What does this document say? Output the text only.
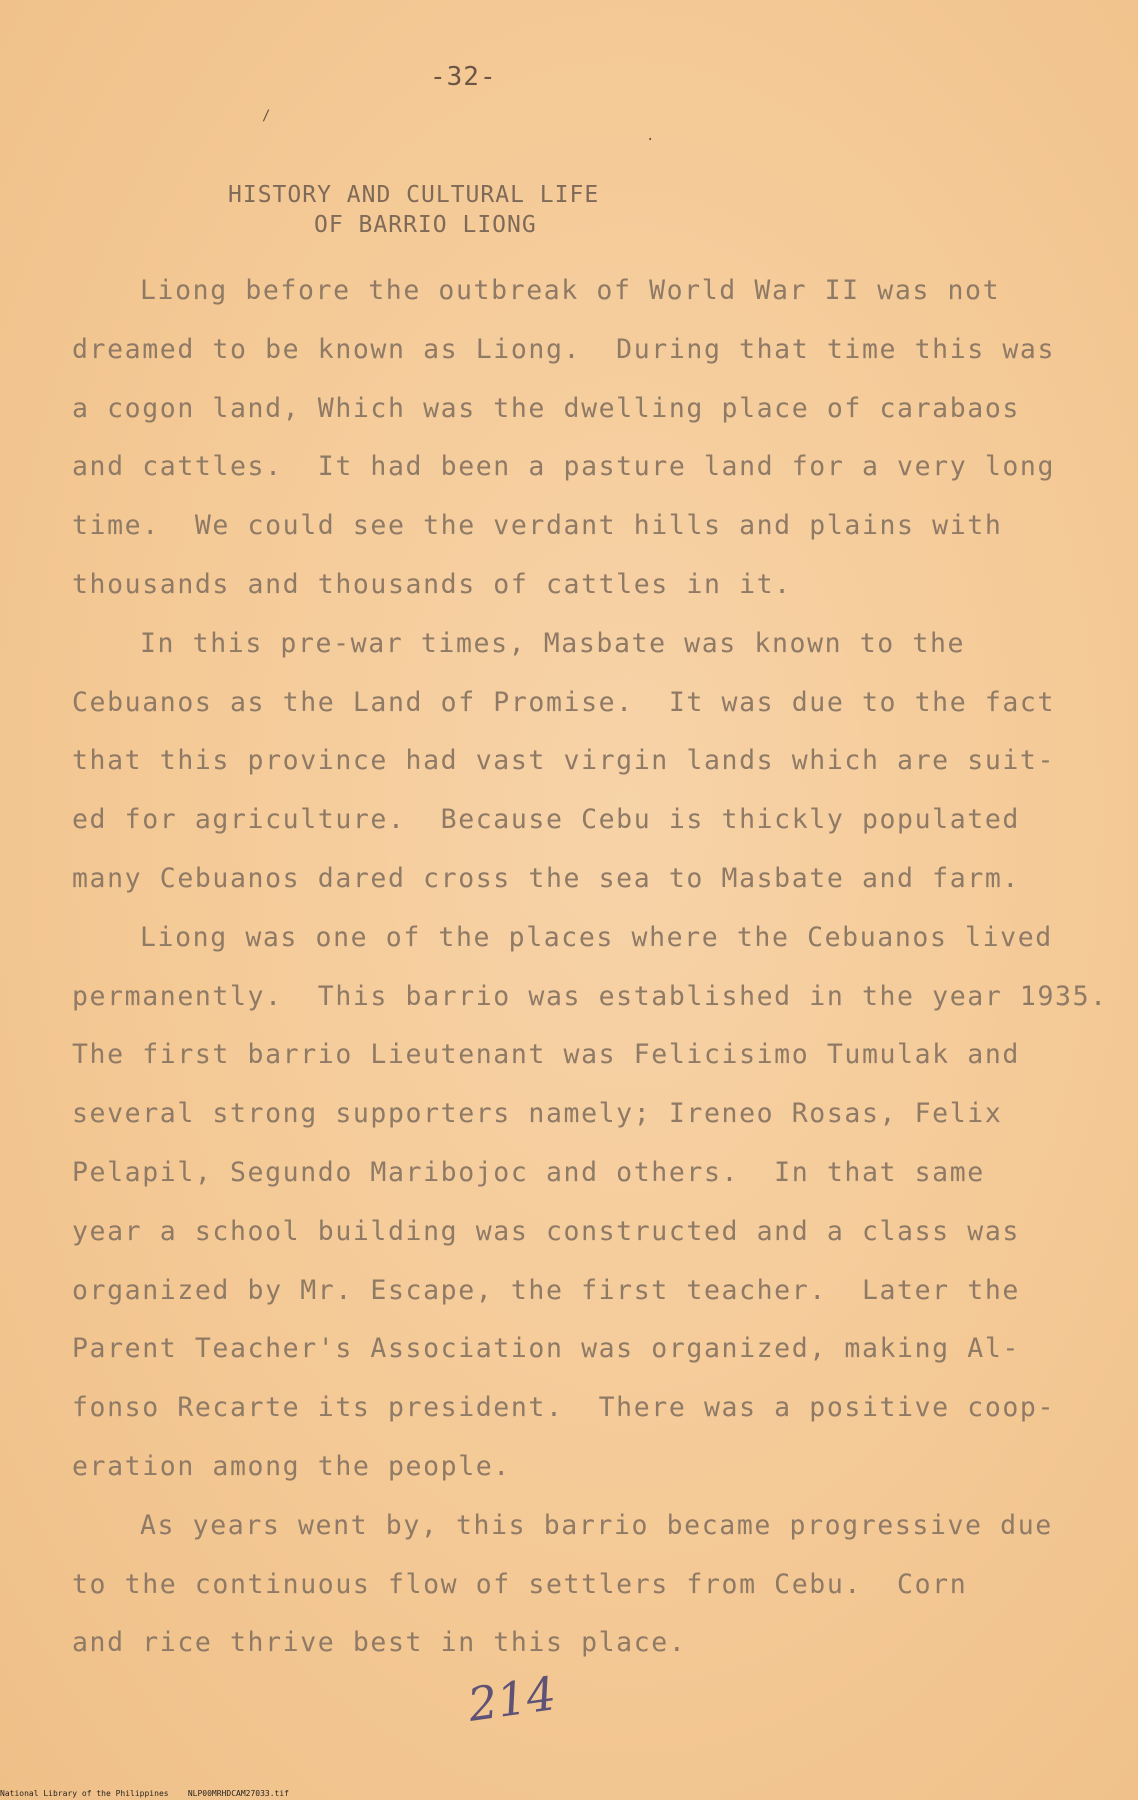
-32-
/
.
HISTORY AND CULTURAL LIFE
OF BARRIO LIONG
Liong before the outbreak of World War II was not
dreamed to be known as Liong.  During that time this was
a cogon land, Which was the dwelling place of carabaos
and cattles.  It had been a pasture land for a very long
time.  We could see the verdant hills and plains with
thousands and thousands of cattles in it.
In this pre-war times, Masbate was known to the
Cebuanos as the Land of Promise.  It was due to the fact
that this province had vast virgin lands which are suit-
ed for agriculture.  Because Cebu is thickly populated
many Cebuanos dared cross the sea to Masbate and farm.
Liong was one of the places where the Cebuanos lived
permanently.  This barrio was established in the year 1935.
The first barrio Lieutenant was Felicisimo Tumulak and
several strong supporters namely; Ireneo Rosas, Felix
Pelapil, Segundo Maribojoc and others.  In that same
year a school building was constructed and a class was
organized by Mr. Escape, the first teacher.  Later the
Parent Teacher's Association was organized, making Al-
fonso Recarte its president.  There was a positive coop-
eration among the people.
As years went by, this barrio became progressive due
to the continuous flow of settlers from Cebu.  Corn
and rice thrive best in this place.
214
National Library of the Philippines NLP00MRHDCAM27033.tif
